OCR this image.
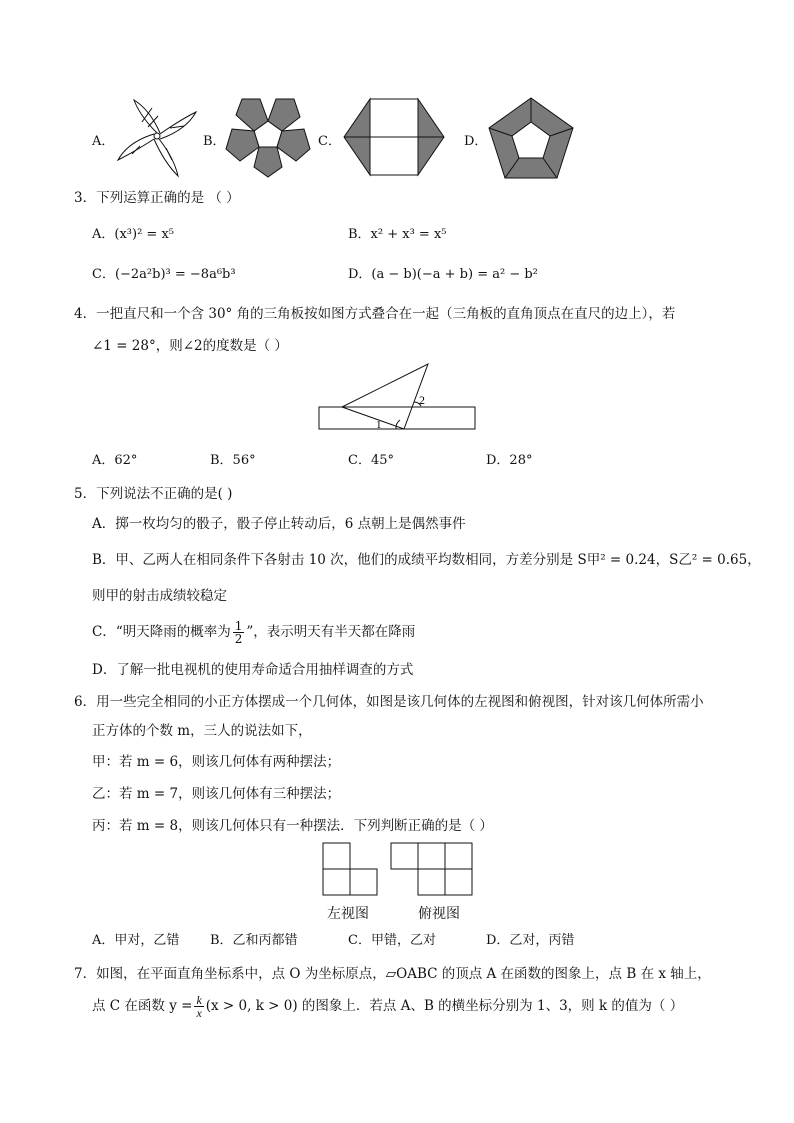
A．	B．	C．	D．
3．下列运算正确的是 （ ）
A．(x³)² = x⁵	B．x² + x³ = x⁵
C．(−2a²b)³ = −8a⁶b³	D．(a − b)(−a + b) = a² − b²
4．一把直尺和一个含 30° 角的三角板按如图方式叠合在一起（三角板的直角顶点在直尺的边上），若
∠1 = 28°，则∠2的度数是（ ）
1
2
A．62°	B．56°	C．45°	D．28°
5．下列说法不正确的是( )
A．掷一枚均匀的骰子，骰子停止转动后，6 点朝上是偶然事件
B．甲、乙两人在相同条件下各射击 10 次，他们的成绩平均数相同，方差分别是 S甲² = 0.24，S乙² = 0.65，
则甲的射击成绩较稳定
C．“明天降雨的概率为 $\frac{1}{2}$ ”，表示明天有半天都在降雨
D．了解一批电视机的使用寿命适合用抽样调查的方式
6．用一些完全相同的小正方体摆成一个几何体，如图是该几何体的左视图和俯视图，针对该几何体所需小
正方体的个数 m，三人的说法如下，
甲：若 m = 6，则该几何体有两种摆法；
乙：若 m = 7，则该几何体有三种摆法；
丙：若 m = 8，则该几何体只有一种摆法．下列判断正确的是（ ）
左视图	俯视图
A．甲对，乙错 B．乙和丙都错	C．甲错，乙对	D．乙对，丙错
7．如图，在平面直角坐标系中，点 O 为坐标原点，▱OABC 的顶点 A 在函数的图象上，点 B 在 x 轴上，
点 C 在函数 $y = \frac{k}{x} (x > 0$, k > 0) 的图象上．若点 A、B 的横坐标分别为 1、3，则 k 的值为（ ）
